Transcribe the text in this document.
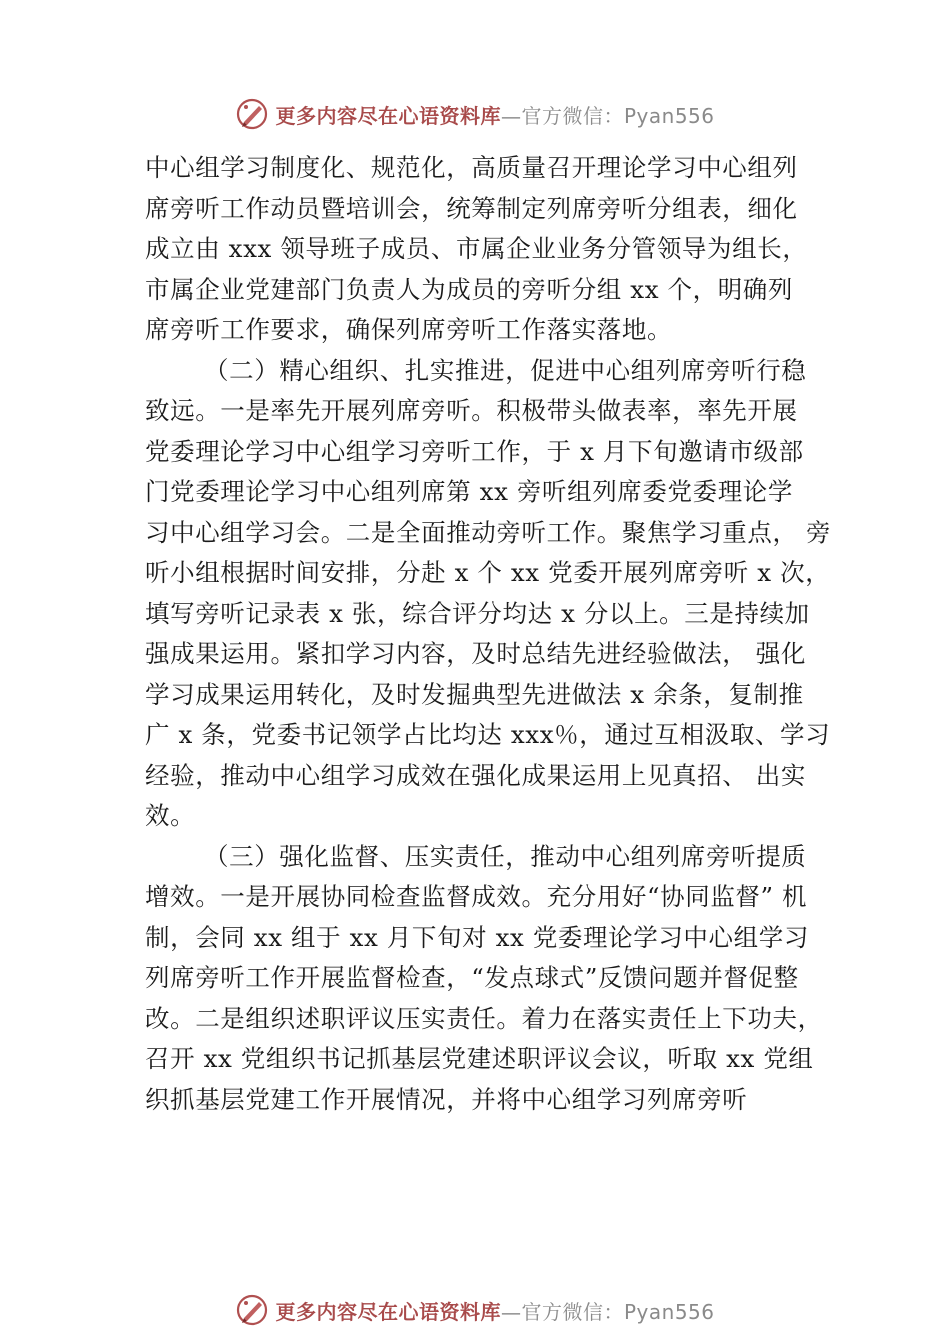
更多内容尽在心语资料库—官方微信：Pyan556
中心组学习制度化、规范化，高质量召开理论学习中心组列
席旁听工作动员暨培训会，统筹制定列席旁听分组表，细化
成立由 xxx 领导班子成员、市属企业业务分管领导为组长，
市属企业党建部门负责人为成员的旁听分组 xx 个，明确列
席旁听工作要求，确保列席旁听工作落实落地。
（二）精心组织、扎实推进，促进中心组列席旁听行稳
致远。一是率先开展列席旁听。积极带头做表率，率先开展
党委理论学习中心组学习旁听工作，于 x 月下旬邀请市级部
门党委理论学习中心组列席第 xx 旁听组列席委党委理论学
习中心组学习会。二是全面推动旁听工作。聚焦学习重点， 旁
听小组根据时间安排，分赴 x 个 xx 党委开展列席旁听 x 次，
填写旁听记录表 x 张，综合评分均达 x 分以上。三是持续加
强成果运用。紧扣学习内容，及时总结先进经验做法， 强化
学习成果运用转化，及时发掘典型先进做法 x 余条，复制推
广 x 条，党委书记领学占比均达 xxx％，通过互相汲取、学习
经验，推动中心组学习成效在强化成果运用上见真招、 出实
效。
（三）强化监督、压实责任，推动中心组列席旁听提质
增效。一是开展协同检查监督成效。充分用好“协同监督” 机
制，会同 xx 组于 xx 月下旬对 xx 党委理论学习中心组学习
列席旁听工作开展监督检查，“发点球式”反馈问题并督促整
改。二是组织述职评议压实责任。着力在落实责任上下功夫，
召开 xx 党组织书记抓基层党建述职评议会议，听取 xx 党组
织抓基层党建工作开展情况，并将中心组学习列席旁听
更多内容尽在心语资料库—官方微信：Pyan556
